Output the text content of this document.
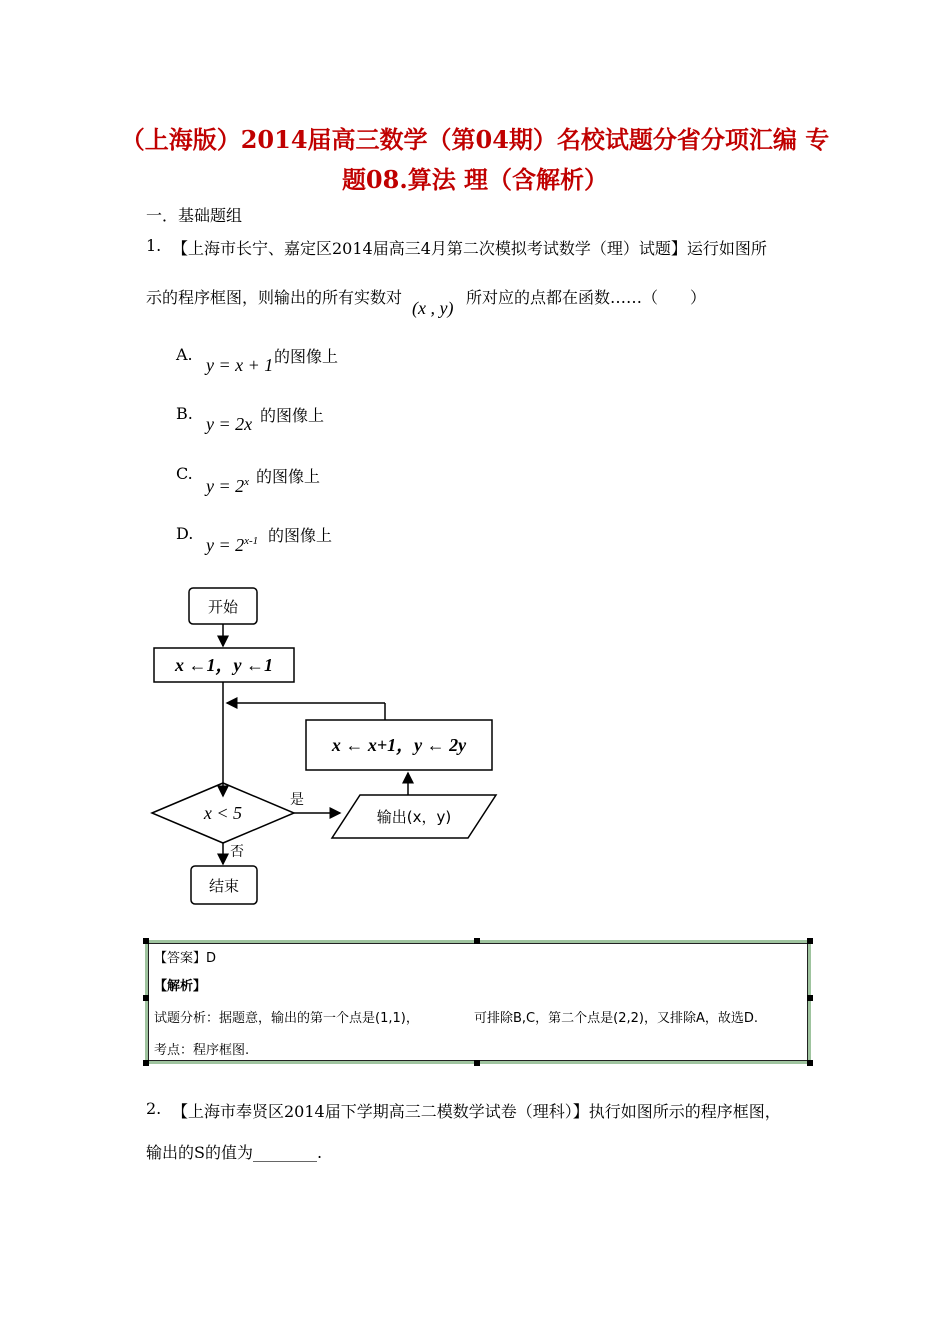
（上海版）2014届高三数学（第04期）名校试题分省分项汇编 专
题08.算法 理（含解析）
一．基础题组
1. 【上海市长宁、嘉定区2014届高三4月第二次模拟考试数学（理）试题】运行如图所
示的程序框图，则输出的所有实数对
(x , y)
所对应的点都在函数……（　　）
A.
y = x + 1 的图像上
B.
y = 2x 的图像上
C.
$y = 2^x$ 的图像上
D.
$y = 2^{x-1}$ 的图像上
开始
x ←1，y ←1
x ← x+1，y ← 2y
x < 5
是
否
输出(x，y)
结束
【答案】D
【解析】
试题分析：据题意，输出的第一个点是(1,1)，	可排除B,C，第二个点是(2,2)，又排除A，故选D.
考点：程序框图.
2. 【上海市奉贤区2014届下学期高三二模数学试卷（理科）】执行如图所示的程序框图，
输出的S的值为________.
